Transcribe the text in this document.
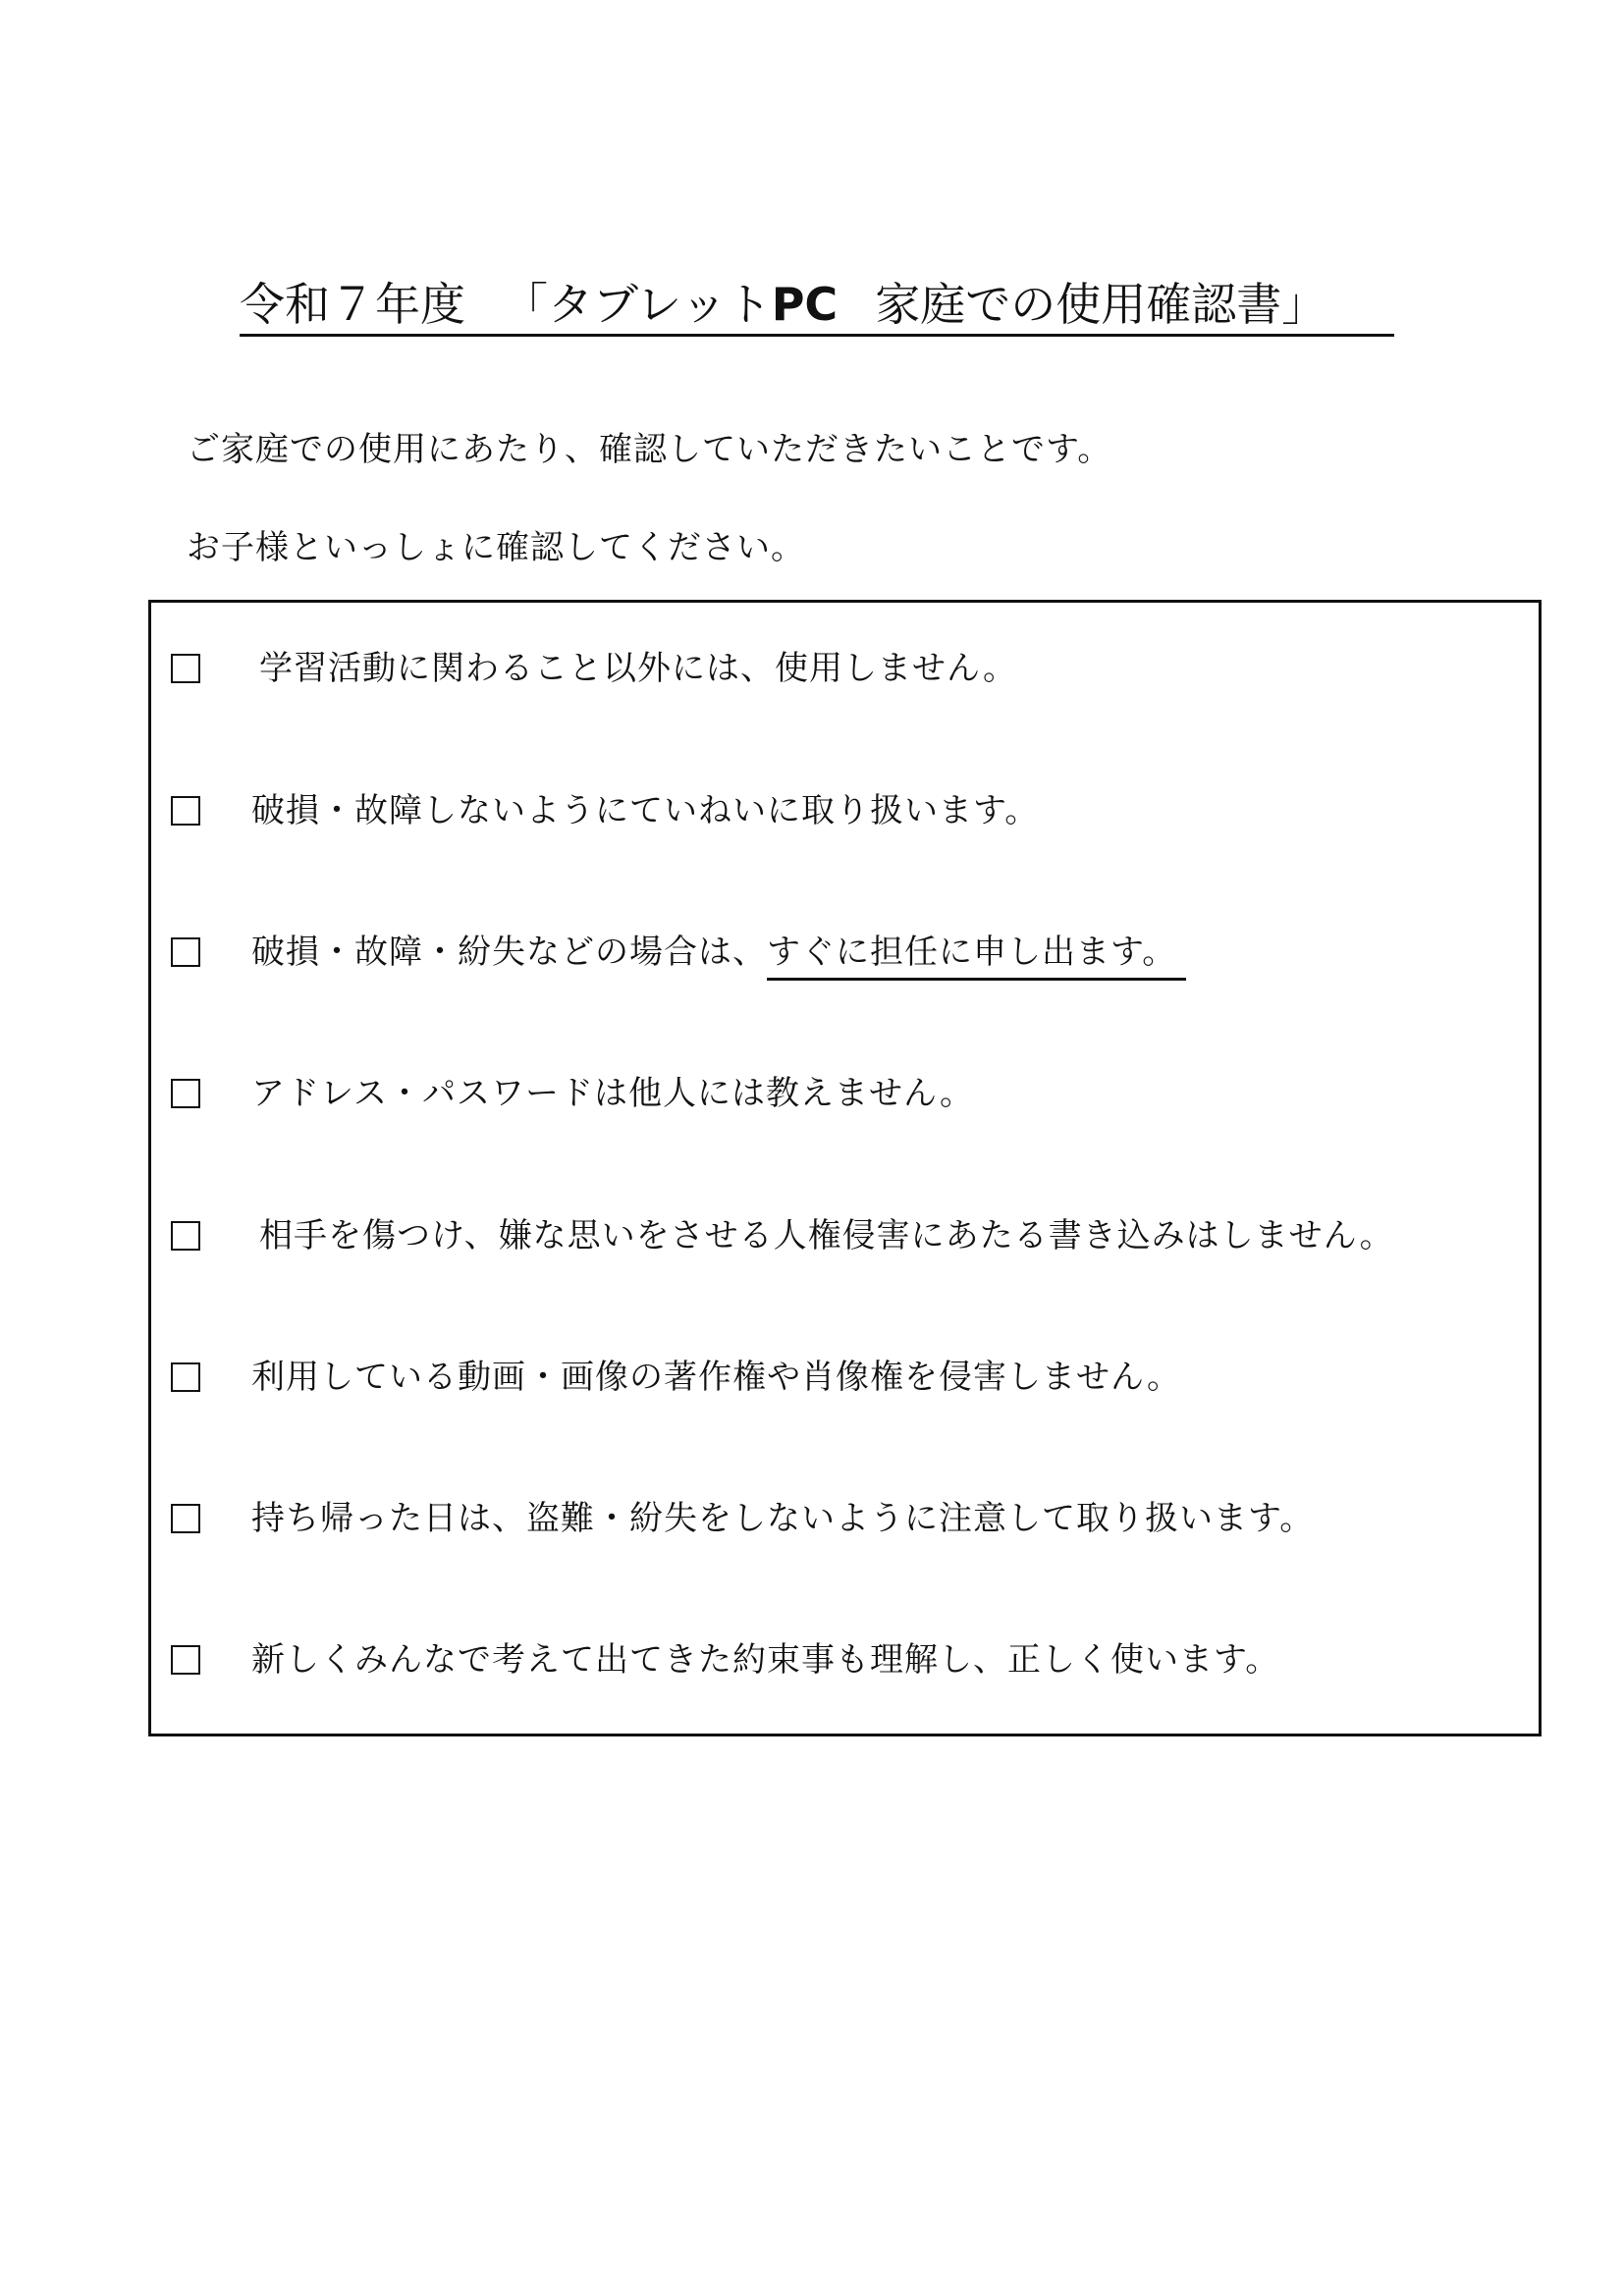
令和７年度 「タブレットPC 家庭での使用確認書」
ご家庭での使用にあたり、確認していただきたいことです。
お子様といっしょに確認してください。
学習活動に関わること以外には、使用しません。
破損・故障しないようにていねいに取り扱います。
破損・故障・紛失などの場合は、すぐに担任に申し出ます。
アドレス・パスワードは他人には教えません。
相手を傷つけ、嫌な思いをさせる人権侵害にあたる書き込みはしません。
利用している動画・画像の著作権や肖像権を侵害しません。
持ち帰った日は、盗難・紛失をしないように注意して取り扱います。
新しくみんなで考えて出てきた約束事も理解し、正しく使います。
